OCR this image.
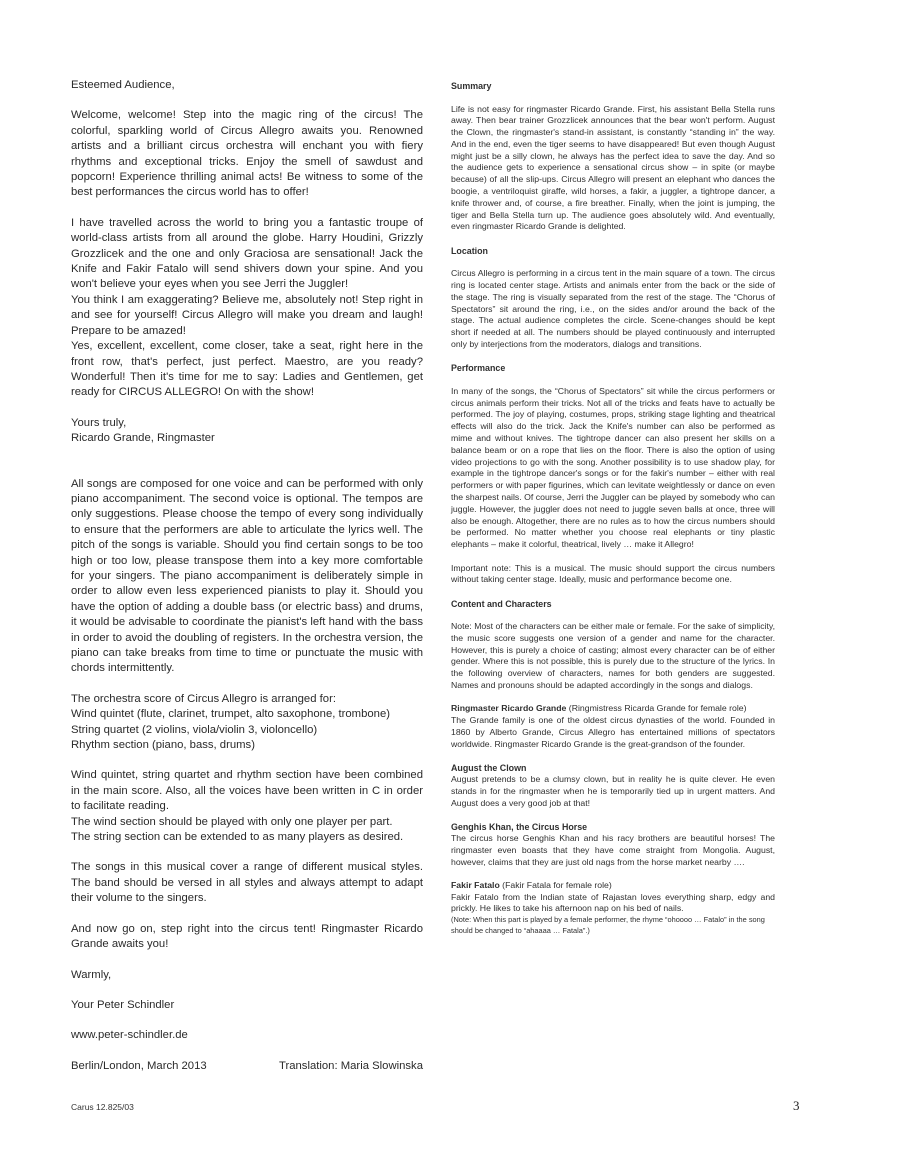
Esteemed Audience,

Welcome, welcome! Step into the magic ring of the circus! The colorful, sparkling world of Circus Allegro awaits you. Renowned artists and a brilliant circus orchestra will enchant you with fiery rhythms and exceptional tricks. Enjoy the smell of sawdust and popcorn! Experience thrilling animal acts! Be witness to some of the best performances the circus world has to offer!

I have travelled across the world to bring you a fantastic troupe of world-class artists from all around the globe. Harry Houdini, Grizzly Grozzlicek and the one and only Graciosa are sensational! Jack the Knife and Fakir Fatalo will send shivers down your spine. And you won't believe your eyes when you see Jerri the Juggler!

You think I am exaggerating? Believe me, absolutely not! Step right in and see for yourself! Circus Allegro will make you dream and laugh! Prepare to be amazed!

Yes, excellent, excellent, come closer, take a seat, right here in the front row, that's perfect, just perfect. Maestro, are you ready? Wonderful! Then it's time for me to say: Ladies and Gentlemen, get ready for CIRCUS ALLEGRO! On with the show!

Yours truly,

Ricardo Grande, Ringmaster

All songs are composed for one voice and can be performed with only piano accompaniment. The second voice is optional. The tempos are only suggestions. Please choose the tempo of every song individually to ensure that the performers are able to articulate the lyrics well. The pitch of the songs is variable. Should you find certain songs to be too high or too low, please transpose them into a key more comfortable for your singers. The piano accompaniment is deliberately simple in order to allow even less experienced pianists to play it. Should you have the option of adding a double bass (or electric bass) and drums, it would be advisable to coordinate the pianist's left hand with the bass in order to avoid the doubling of registers. In the orchestra version, the piano can take breaks from time to time or punctuate the music with chords intermittently.

The orchestra score of Circus Allegro is arranged for:

Wind quintet (flute, clarinet, trumpet, alto saxophone, trombone)

String quartet (2 violins, viola/violin 3, violoncello)

Rhythm section (piano, bass, drums)

Wind quintet, string quartet and rhythm section have been combined in the main score. Also, all the voices have been written in C in order to facilitate reading.

The wind section should be played with only one player per part.

The string section can be extended to as many players as desired.

The songs in this musical cover a range of different musical styles. The band should be versed in all styles and always attempt to adapt their volume to the singers.

And now go on, step right into the circus tent! Ringmaster Ricardo Grande awaits you!

Warmly,

Your Peter Schindler

www.peter-schindler.de

Berlin/London, March 2013	Translation: Maria Slowinska
Summary

Life is not easy for ringmaster Ricardo Grande. First, his assistant Bella Stella runs away. Then bear trainer Grozzlicek announces that the bear won't perform. August the Clown, the ringmaster's stand-in assistant, is constantly “standing in” the way. And in the end, even the tiger seems to have disappeared! But even though August might just be a silly clown, he always has the perfect idea to save the day. And so the audience gets to experience a sensational circus show – in spite (or maybe because) of all the slip-ups. Circus Allegro will present an elephant who dances the boogie, a ventriloquist giraffe, wild horses, a fakir, a juggler, a tightrope dancer, a knife thrower and, of course, a fire breather. Finally, when the joint is jumping, the tiger and Bella Stella turn up. The audience goes absolutely wild. And eventually, even ringmaster Ricardo Grande is delighted.

Location

Circus Allegro is performing in a circus tent in the main square of a town. The circus ring is located center stage. Artists and animals enter from the back or the side of the stage. The ring is visually separated from the rest of the stage. The “Chorus of Spectators” sit around the ring, i.e., on the sides and/or around the back of the stage. The actual audience completes the circle. Scene-changes should be kept short if needed at all. The numbers should be played continuously and interrupted only by interjections from the moderators, dialogs and transitions.

Performance

In many of the songs, the “Chorus of Spectators” sit while the circus performers or circus animals perform their tricks. Not all of the tricks and feats have to actually be performed. The joy of playing, costumes, props, striking stage lighting and theatrical effects will also do the trick. Jack the Knife's number can also be performed as mime and without knives. The tightrope dancer can also present her skills on a balance beam or on a rope that lies on the floor. There is also the option of using video projections to go with the song. Another possibility is to use shadow play, for example in the tightrope dancer's songs or for the fakir's number – either with real performers or with paper figurines, which can levitate weightlessly or dance on even the sharpest nails. Of course, Jerri the Juggler can be played by somebody who can juggle. However, the juggler does not need to juggle seven balls at once, three will also be enough. Altogether, there are no rules as to how the circus numbers should be performed. No matter whether you choose real elephants or tiny plastic elephants – make it colorful, theatrical, lively … make it Allegro!

Important note: This is a musical. The music should support the circus numbers without taking center stage. Ideally, music and performance become one.

Content and Characters

Note: Most of the characters can be either male or female. For the sake of simplicity, the music score suggests one version of a gender and name for the character. However, this is purely a choice of casting; almost every character can be of either gender. Where this is not possible, this is purely due to the structure of the lyrics. In the following overview of characters, names for both genders are suggested. Names and pronouns should be adapted accordingly in the songs and dialogs.

Ringmaster Ricardo Grande (Ringmistress Ricarda Grande for female role)

The Grande family is one of the oldest circus dynasties of the world. Founded in 1860 by Alberto Grande, Circus Allegro has entertained millions of spectators worldwide. Ringmaster Ricardo Grande is the great-grandson of the founder.

August the Clown

August pretends to be a clumsy clown, but in reality he is quite clever. He even stands in for the ringmaster when he is temporarily tied up in urgent matters. And August does a very good job at that!

Genghis Khan, the Circus Horse

The circus horse Genghis Khan and his racy brothers are beautiful horses! The ringmaster even boasts that they have come straight from Mongolia. August, however, claims that they are just old nags from the horse market nearby ….

Fakir Fatalo (Fakir Fatala for female role)

Fakir Fatalo from the Indian state of Rajastan loves everything sharp, edgy and prickly. He likes to take his afternoon nap on his bed of nails.

(Note: When this part is played by a female performer, the rhyme “ohoooo … Fatalo” in the song should be changed to “ahaaaa … Fatala”.)

Carus 12.825/03	3
